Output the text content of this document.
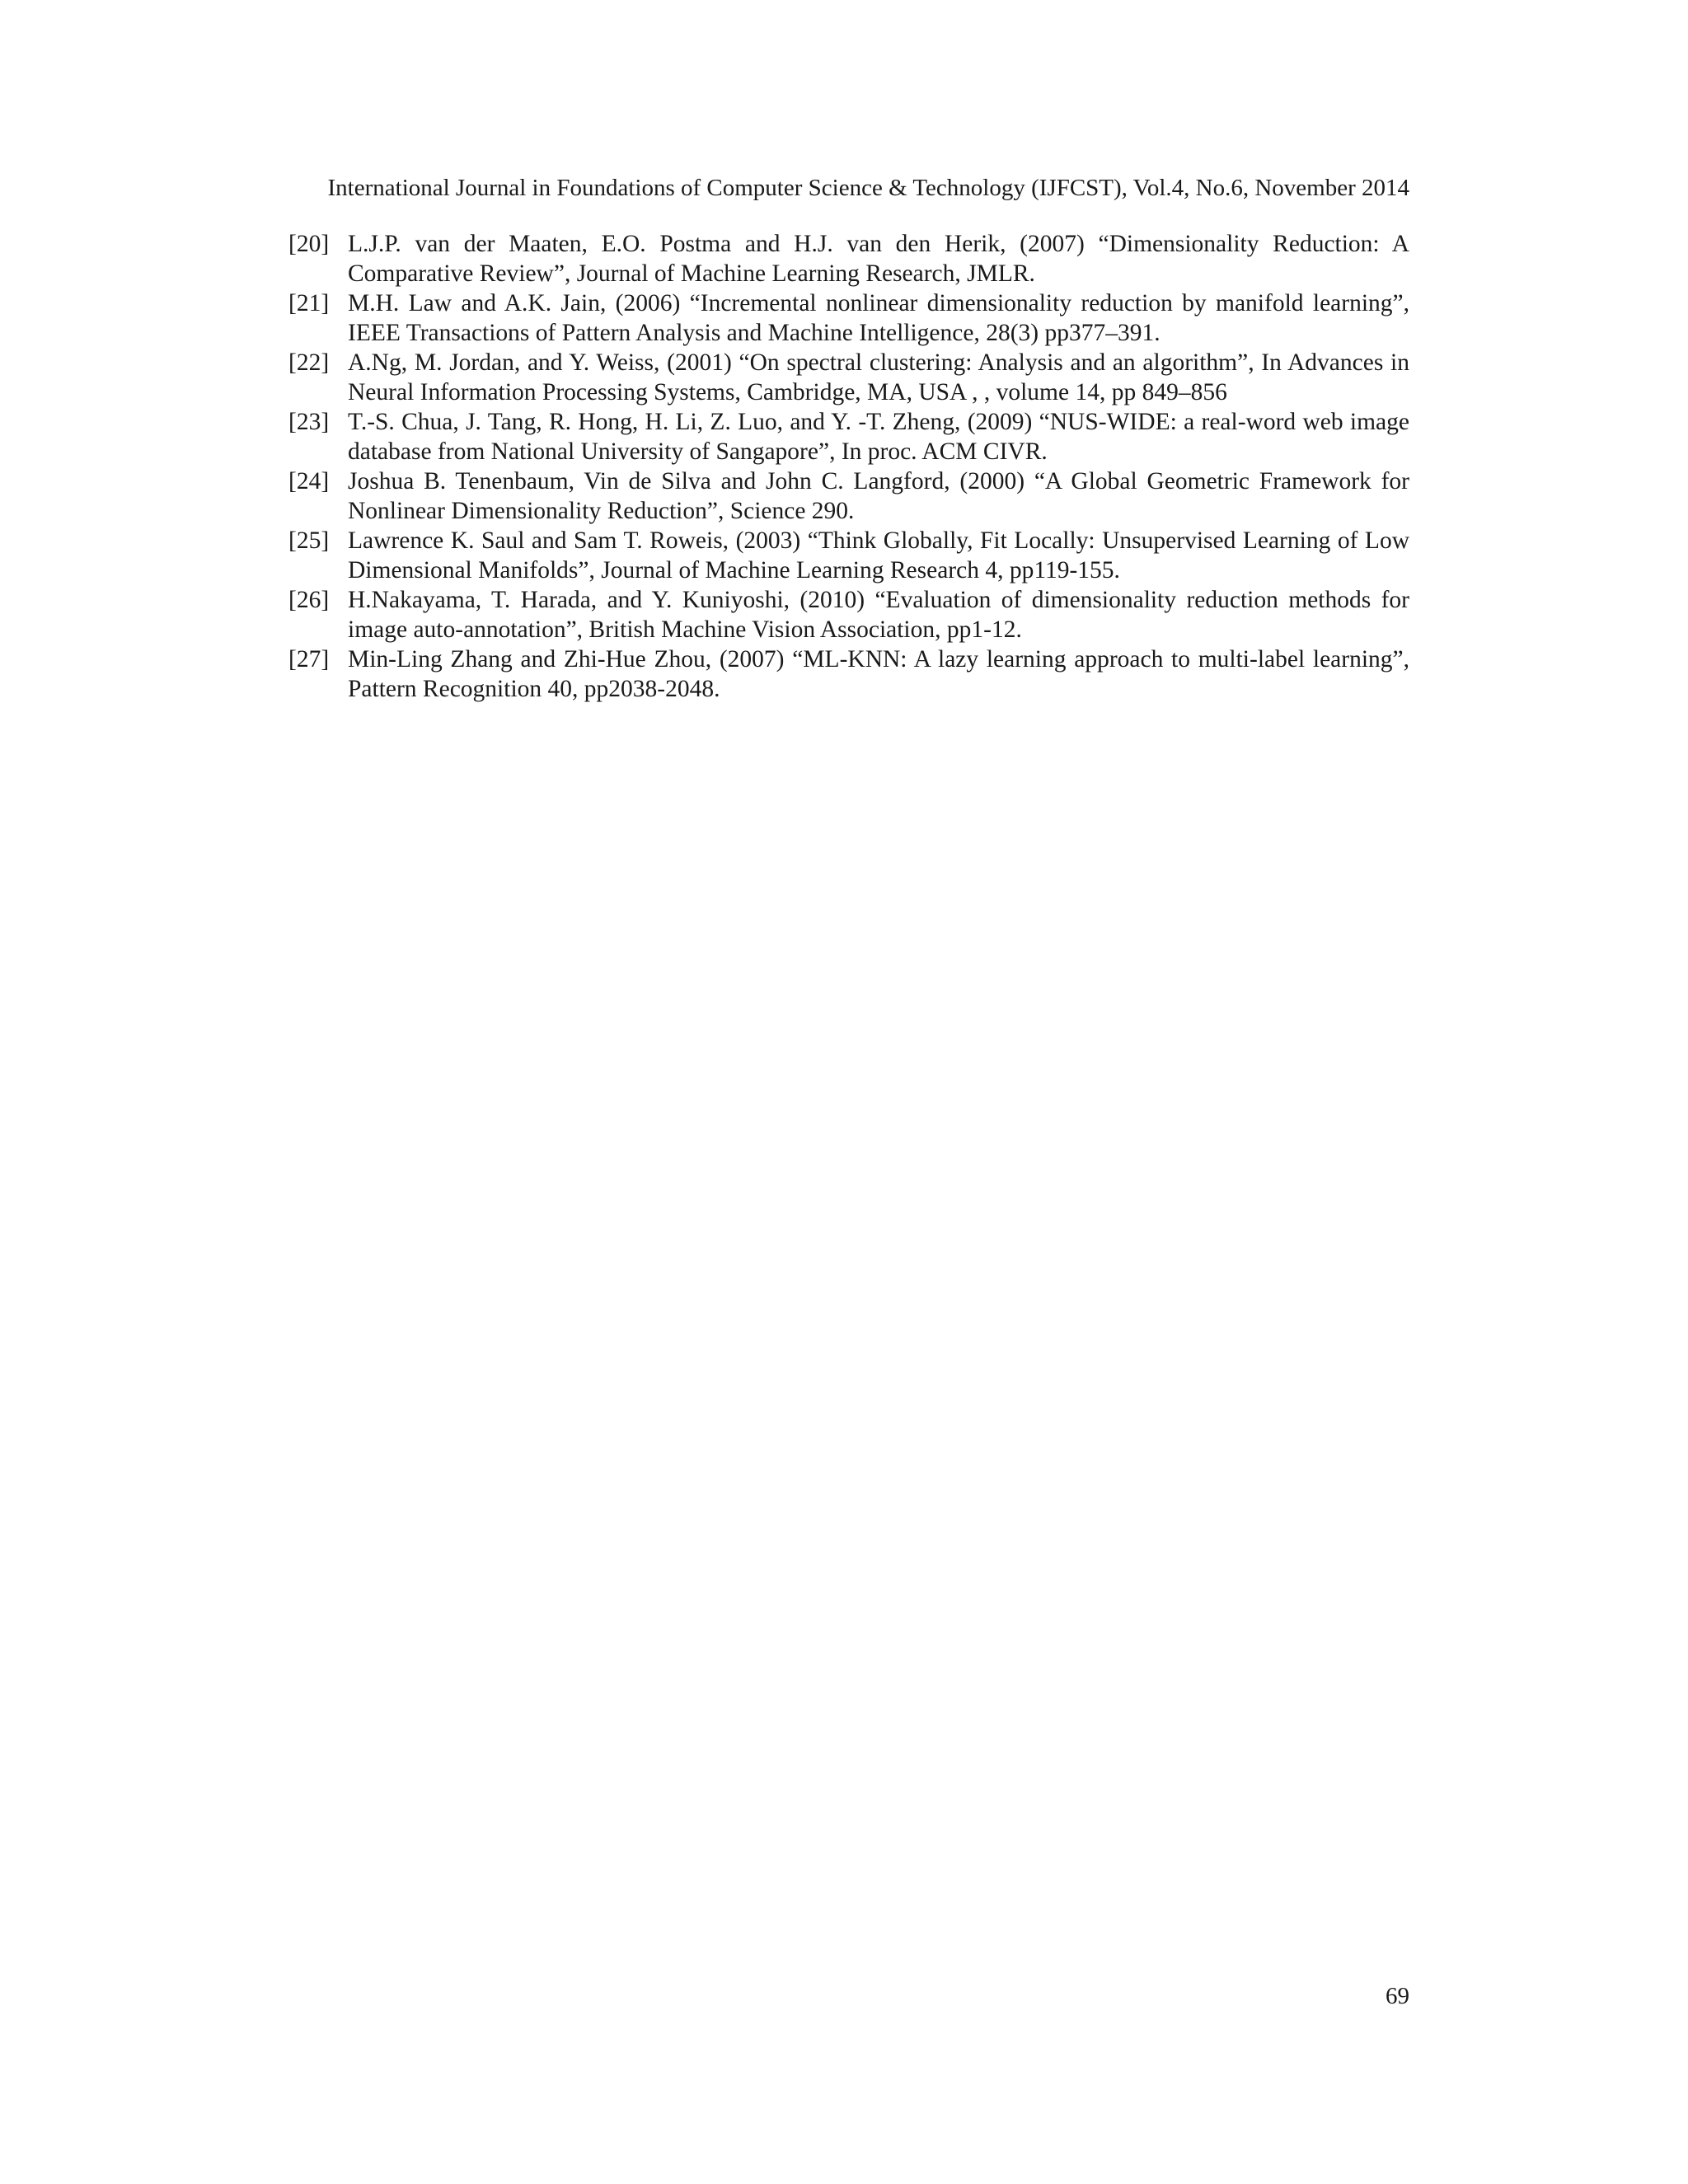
International Journal in Foundations of Computer Science & Technology (IJFCST), Vol.4, No.6, November 2014
[20] L.J.P. van der Maaten, E.O. Postma and H.J. van den Herik, (2007) “Dimensionality Reduction: A Comparative Review”, Journal of Machine Learning Research, JMLR.
[21] M.H. Law and A.K. Jain, (2006) “Incremental nonlinear dimensionality reduction by manifold learning”, IEEE Transactions of Pattern Analysis and Machine Intelligence, 28(3) pp377–391.
[22] A.Ng, M. Jordan, and Y. Weiss, (2001) “On spectral clustering: Analysis and an algorithm”, In Advances in Neural Information Processing Systems, Cambridge, MA, USA , , volume 14, pp 849–856
[23] T.-S. Chua, J. Tang, R. Hong, H. Li, Z. Luo, and Y. -T. Zheng, (2009) “NUS-WIDE: a real-word web image database from National University of Sangapore”, In proc. ACM CIVR.
[24] Joshua B. Tenenbaum, Vin de Silva and John C. Langford, (2000) “A Global Geometric Framework for Nonlinear Dimensionality Reduction”, Science 290.
[25] Lawrence K. Saul and Sam T. Roweis, (2003) “Think Globally, Fit Locally: Unsupervised Learning of Low Dimensional Manifolds”, Journal of Machine Learning Research 4, pp119-155.
[26] H.Nakayama, T. Harada, and Y. Kuniyoshi, (2010) “Evaluation of dimensionality reduction methods for image auto-annotation”, British Machine Vision Association, pp1-12.
[27] Min-Ling Zhang and Zhi-Hue Zhou, (2007) “ML-KNN: A lazy learning approach to multi-label learning”, Pattern Recognition 40, pp2038-2048.
69
